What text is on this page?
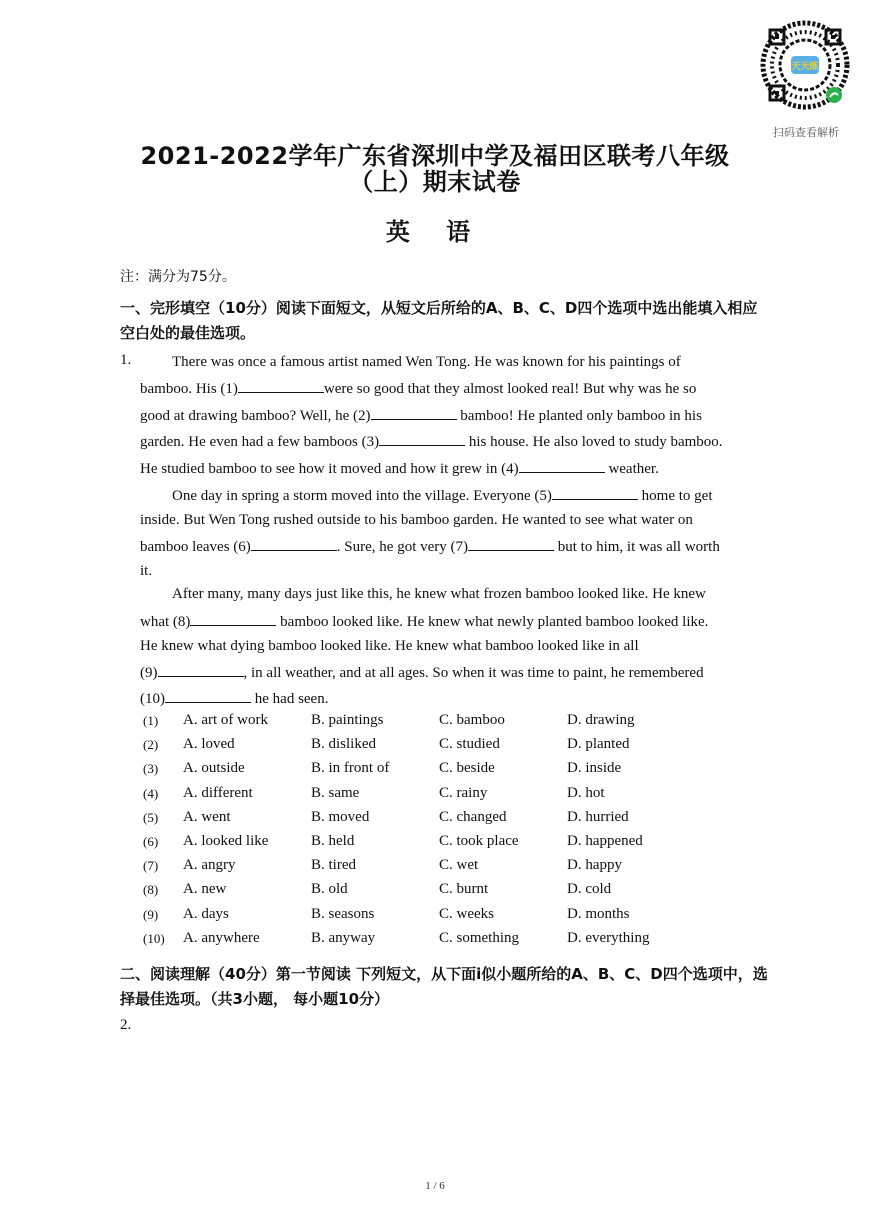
天天练
扫码查看解析
2021-2022学年广东省深圳中学及福田区联考八年级
（上）期末试卷
英 语
注：满分为75分。
一、完形填空（10分）阅读下面短文，从短文后所给的A、B、C、D四个选项中选出能填入相应空白处的最佳选项。
1.	There was once a famous artist named Wen Tong. He was known for his paintings of
bamboo. His (1)	were so good that they almost looked real! But why was he so
good at drawing bamboo? Well, he (2)	bamboo! He planted only bamboo in his
garden. He even had a few bamboos (3)	his house. He also loved to study bamboo.
He studied bamboo to see how it moved and how it grew in (4)	weather.
One day in spring a storm moved into the village. Everyone (5)	home to get
inside. But Wen Tong rushed outside to his bamboo garden. He wanted to see what water on
bamboo leaves (6)	. Sure, he got very (7)	but to him, it was all worth
it.
After many, many days just like this, he knew what frozen bamboo looked like. He knew
what (8)	bamboo looked like. He knew what newly planted bamboo looked like.
He knew what dying bamboo looked like. He knew what bamboo looked like in all
(9)	, in all weather, and at all ages. So when it was time to paint, he remembered
(10)	he had seen.
(1) A. art of work	B. paintings	C. bamboo	D. drawing
(2) A. loved	B. disliked	C. studied	D. planted
(3) A. outside	B. in front of	C. beside	D. inside
(4) A. different	B. same	C. rainy	D. hot
(5) A. went	B. moved	C. changed	D. hurried
(6) A. looked like	B. held	C. took place	D. happened
(7) A. angry	B. tired	C. wet	D. happy
(8) A. new	B. old	C. burnt	D. cold
(9) A. days	B. seasons	C. weeks	D. months
(10) A. anywhere	B. anyway	C. something	D. everything
二、阅读理解（40分）第一节阅读 下列短文，从下面i似小题所给的A、B、C、D四个选项中，选择最佳选项。（共3小题， 每小题10分）
2.
1 / 6
